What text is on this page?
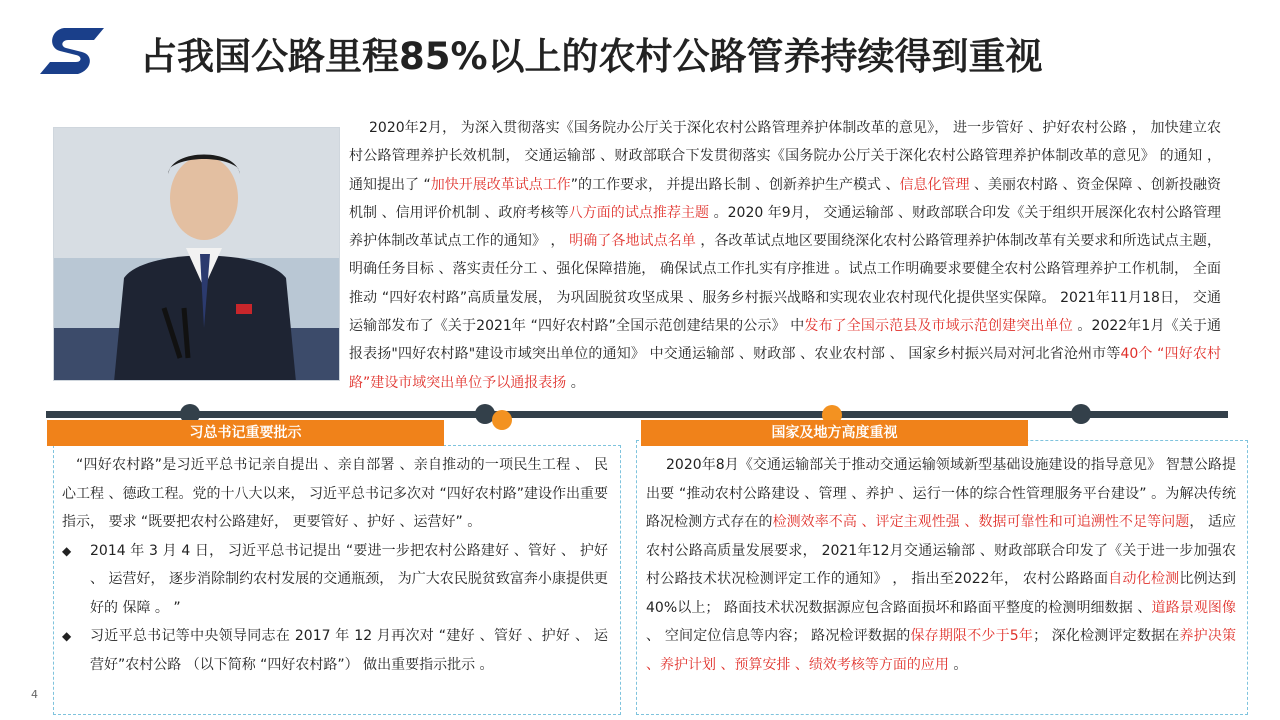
占我国公路里程85%以上的农村公路管养持续得到重视
2020年2月， 为深入贯彻落实《国务院办公厅关于深化农村公路管理养护体制改革的意见》， 进一步管好 、护好农村公路 ， 加快建立农村公路管理养护长效机制， 交通运输部 、财政部联合下发贯彻落实《国务院办公厅关于深化农村公路管理养护体制改革的意见》 的通知 ， 通知提出了 “加快开展改革试点工作”的工作要求， 并提出路长制 、创新养护生产模式 、信息化管理 、美丽农村路 、资金保障 、创新投融资机制 、信用评价机制 、政府考核等八方面的试点推荐主题 。2020 年9月， 交通运输部 、财政部联合印发《关于组织开展深化农村公路管理养护体制改革试点工作的通知》 ， 明确了各地试点名单 ，各改革试点地区要围绕深化农村公路管理养护体制改革有关要求和所选试点主题， 明确任务目标 、落实责任分工 、强化保障措施， 确保试点工作扎实有序推进 。试点工作明确要求要健全农村公路管理养护工作机制， 全面推动 “四好农村路”高质量发展， 为巩固脱贫攻坚成果 、服务乡村振兴战略和实现农业农村现代化提供坚实保障。 2021年11月18日， 交通运输部发布了《关于2021年 “四好农村路”全国示范创建结果的公示》 中发布了全国示范县及市域示范创建突出单位 。2022年1月《关于通报表扬"四好农村路"建设市域突出单位的通知》 中交通运输部 、财政部 、农业农村部 、 国家乡村振兴局对河北省沧州市等40个 “四好农村路”建设市域突出单位予以通报表扬 。
习总书记重要批示
“四好农村路”是习近平总书记亲自提出 、亲自部署 、亲自推动的一项民生工程 、 民心工程 、德政工程。党的十八大以来， 习近平总书记多次对 “四好农村路”建设作出重要指示， 要求 “既要把农村公路建好， 更要管好 、护好 、运营好” 。
◆ 2014 年 3 月 4 日， 习近平总书记提出 “要进一步把农村公路建好 、管好 、 护好 、 运营好， 逐步消除制约农村发展的交通瓶颈， 为广大农民脱贫致富奔小康提供更好的 保障 。 ”
◆ 习近平总书记等中央领导同志在 2017 年 12 月再次对 “建好 、管好 、护好 、 运营好”农村公路 （以下简称 “四好农村路”） 做出重要指示批示 。
国家及地方高度重视
2020年8月《交通运输部关于推动交通运输领域新型基础设施建设的指导意见》 智慧公路提出要 “推动农村公路建设 、管理 、养护 、运行一体的综合性管理服务平台建设” 。为解决传统路况检测方式存在的检测效率不高 、评定主观性强 、数据可靠性和可追溯性不足等问题， 适应农村公路高质量发展要求， 2021年12月交通运输部 、财政部联合印发了《关于进一步加强农村公路技术状况检测评定工作的通知》 ， 指出至2022年， 农村公路路面自动化检测比例达到40%以上； 路面技术状况数据源应包含路面损坏和路面平整度的检测明细数据 、道路景观图像 、 空间定位信息等内容； 路况检评数据的保存期限不少于5年； 深化检测评定数据在养护决策 、养护计划 、预算安排 、绩效考核等方面的应用 。
4
